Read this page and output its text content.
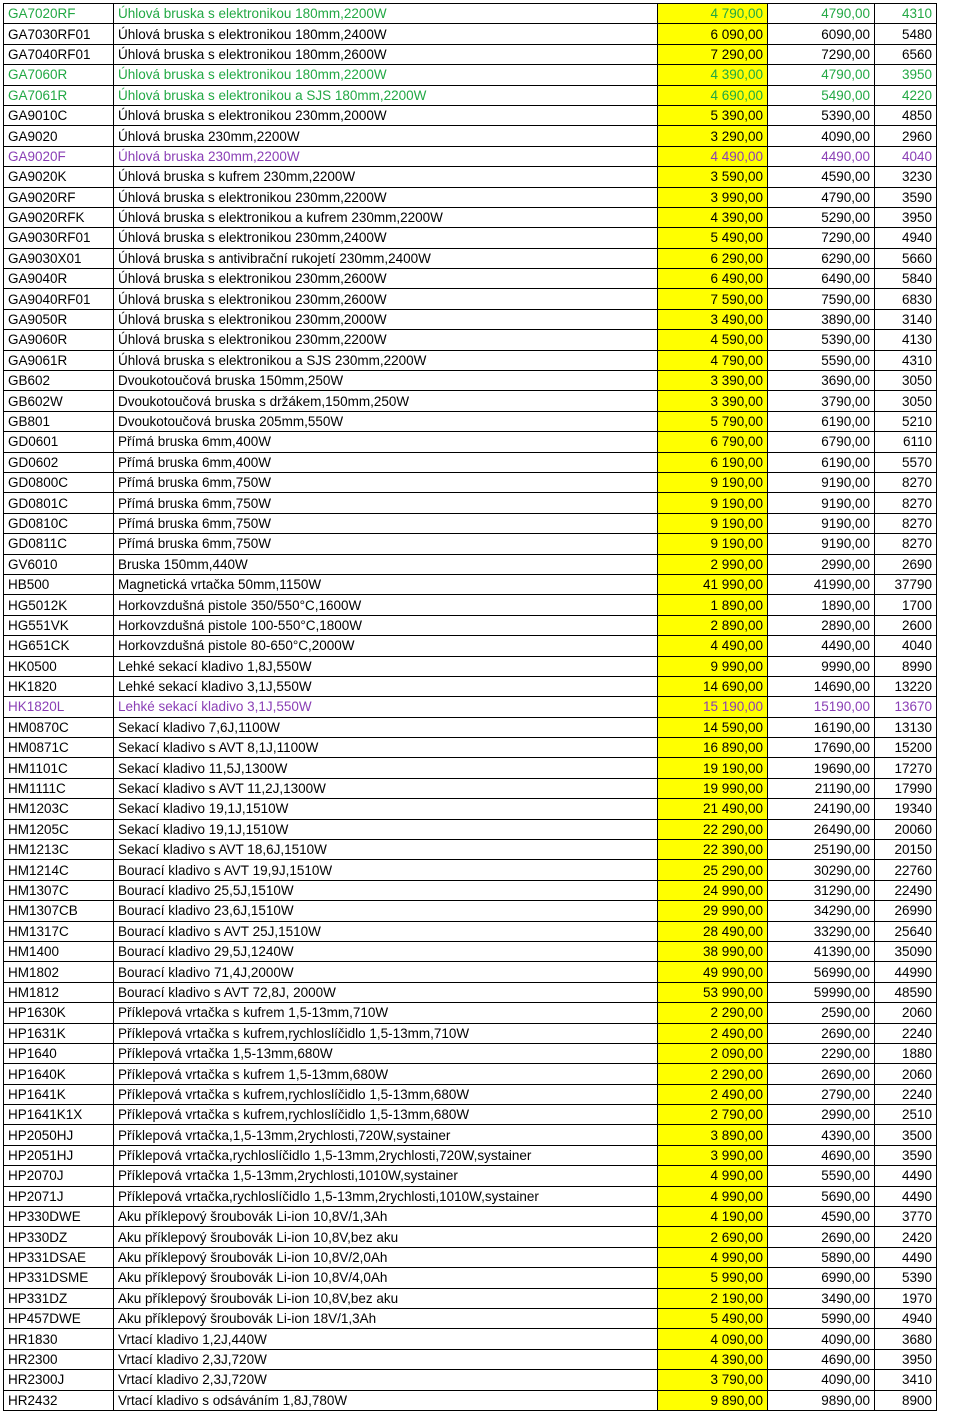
GA7020RF	Úhlová bruska s elektronikou 180mm,2200W	4 790,00	4790,00	4310
GA7030RF01	Úhlová bruska s elektronikou 180mm,2400W	6 090,00	6090,00	5480
GA7040RF01	Úhlová bruska s elektronikou 180mm,2600W	7 290,00	7290,00	6560
GA7060R	Úhlová bruska s elektronikou 180mm,2200W	4 390,00	4790,00	3950
GA7061R	Úhlová bruska s elektronikou a SJS 180mm,2200W	4 690,00	5490,00	4220
GA9010C	Úhlová bruska s elektronikou 230mm,2000W	5 390,00	5390,00	4850
GA9020	Úhlová bruska 230mm,2200W	3 290,00	4090,00	2960
GA9020F	Úhlová bruska 230mm,2200W	4 490,00	4490,00	4040
GA9020K	Úhlová bruska s kufrem 230mm,2200W	3 590,00	4590,00	3230
GA9020RF	Úhlová bruska s elektronikou 230mm,2200W	3 990,00	4790,00	3590
GA9020RFK	Úhlová bruska s elektronikou a kufrem 230mm,2200W	4 390,00	5290,00	3950
GA9030RF01	Úhlová bruska s elektronikou 230mm,2400W	5 490,00	7290,00	4940
GA9030X01	Úhlová bruska s antivibrační rukojetí 230mm,2400W	6 290,00	6290,00	5660
GA9040R	Úhlová bruska s elektronikou 230mm,2600W	6 490,00	6490,00	5840
GA9040RF01	Úhlová bruska s elektronikou 230mm,2600W	7 590,00	7590,00	6830
GA9050R	Úhlová bruska s elektronikou 230mm,2000W	3 490,00	3890,00	3140
GA9060R	Úhlová bruska s elektronikou 230mm,2200W	4 590,00	5390,00	4130
GA9061R	Úhlová bruska s elektronikou a SJS 230mm,2200W	4 790,00	5590,00	4310
GB602	Dvoukotoučová bruska 150mm,250W	3 390,00	3690,00	3050
GB602W	Dvoukotoučová bruska s držákem,150mm,250W	3 390,00	3790,00	3050
GB801	Dvoukotoučová bruska 205mm,550W	5 790,00	6190,00	5210
GD0601	Přímá bruska 6mm,400W	6 790,00	6790,00	6110
GD0602	Přímá bruska 6mm,400W	6 190,00	6190,00	5570
GD0800C	Přímá bruska 6mm,750W	9 190,00	9190,00	8270
GD0801C	Přímá bruska 6mm,750W	9 190,00	9190,00	8270
GD0810C	Přímá bruska 6mm,750W	9 190,00	9190,00	8270
GD0811C	Přímá bruska 6mm,750W	9 190,00	9190,00	8270
GV6010	Bruska 150mm,440W	2 990,00	2990,00	2690
HB500	Magnetická vrtačka 50mm,1150W	41 990,00	41990,00	37790
HG5012K	Horkovzdušná pistole 350/550°C,1600W	1 890,00	1890,00	1700
HG551VK	Horkovzdušná pistole 100-550°C,1800W	2 890,00	2890,00	2600
HG651CK	Horkovzdušná pistole 80-650°C,2000W	4 490,00	4490,00	4040
HK0500	Lehké sekací kladivo 1,8J,550W	9 990,00	9990,00	8990
HK1820	Lehké sekací kladivo 3,1J,550W	14 690,00	14690,00	13220
HK1820L	Lehké sekací kladivo 3,1J,550W	15 190,00	15190,00	13670
HM0870C	Sekací kladivo 7,6J,1100W	14 590,00	16190,00	13130
HM0871C	Sekací kladivo s AVT 8,1J,1100W	16 890,00	17690,00	15200
HM1101C	Sekací kladivo 11,5J,1300W	19 190,00	19690,00	17270
HM1111C	Sekací kladivo s AVT 11,2J,1300W	19 990,00	21190,00	17990
HM1203C	Sekací kladivo 19,1J,1510W	21 490,00	24190,00	19340
HM1205C	Sekací kladivo 19,1J,1510W	22 290,00	26490,00	20060
HM1213C	Sekací kladivo s AVT 18,6J,1510W	22 390,00	25190,00	20150
HM1214C	Bourací kladivo s AVT 19,9J,1510W	25 290,00	30290,00	22760
HM1307C	Bourací kladivo 25,5J,1510W	24 990,00	31290,00	22490
HM1307CB	Bourací kladivo 23,6J,1510W	29 990,00	34290,00	26990
HM1317C	Bourací kladivo s AVT 25J,1510W	28 490,00	33290,00	25640
HM1400	Bourací kladivo 29,5J,1240W	38 990,00	41390,00	35090
HM1802	Bourací kladivo 71,4J,2000W	49 990,00	56990,00	44990
HM1812	Bourací kladivo s AVT 72,8J, 2000W	53 990,00	59990,00	48590
HP1630K	Příklepová vrtačka s kufrem 1,5-13mm,710W	2 290,00	2590,00	2060
HP1631K	Příklepová vrtačka s kufrem,rychloslíčidlo 1,5-13mm,710W	2 490,00	2690,00	2240
HP1640	Příklepová vrtačka 1,5-13mm,680W	2 090,00	2290,00	1880
HP1640K	Příklepová vrtačka s kufrem 1,5-13mm,680W	2 290,00	2690,00	2060
HP1641K	Příklepová vrtačka s kufrem,rychloslíčidlo 1,5-13mm,680W	2 490,00	2790,00	2240
HP1641K1X	Příklepová vrtačka s kufrem,rychloslíčidlo 1,5-13mm,680W	2 790,00	2990,00	2510
HP2050HJ	Příklepová vrtačka,1,5-13mm,2rychlosti,720W,systainer	3 890,00	4390,00	3500
HP2051HJ	Příklepová vrtačka,rychloslíčidlo 1,5-13mm,2rychlosti,720W,systainer	3 990,00	4690,00	3590
HP2070J	Příklepová vrtačka 1,5-13mm,2rychlosti,1010W,systainer	4 990,00	5590,00	4490
HP2071J	Příklepová vrtačka,rychloslíčidlo 1,5-13mm,2rychlosti,1010W,systainer	4 990,00	5690,00	4490
HP330DWE	Aku příklepový šroubovák Li-ion 10,8V/1,3Ah	4 190,00	4590,00	3770
HP330DZ	Aku příklepový šroubovák Li-ion 10,8V,bez aku	2 690,00	2690,00	2420
HP331DSAE	Aku příklepový šroubovák Li-ion 10,8V/2,0Ah	4 990,00	5890,00	4490
HP331DSME	Aku příklepový šroubovák Li-ion 10,8V/4,0Ah	5 990,00	6990,00	5390
HP331DZ	Aku příklepový šroubovák Li-ion 10,8V,bez aku	2 190,00	3490,00	1970
HP457DWE	Aku příklepový šroubovák Li-ion 18V/1,3Ah	5 490,00	5990,00	4940
HR1830	Vrtací kladivo 1,2J,440W	4 090,00	4090,00	3680
HR2300	Vrtací kladivo 2,3J,720W	4 390,00	4690,00	3950
HR2300J	Vrtací kladivo 2,3J,720W	3 790,00	4090,00	3410
HR2432	Vrtací kladivo s odsáváním 1,8J,780W	9 890,00	9890,00	8900
